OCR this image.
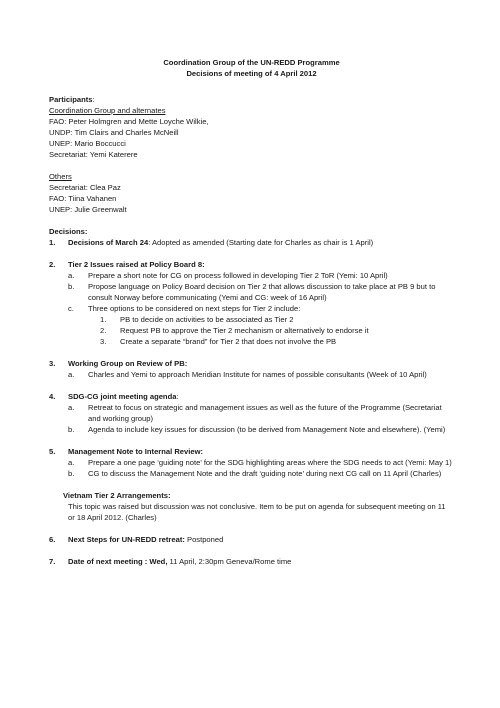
Coordination Group of the UN-REDD Programme
Decisions of meeting of 4 April 2012
Participants:
Coordination Group and alternates
FAO: Peter Holmgren and Mette Loyche Wilkie,
UNDP: Tim Clairs and Charles McNeill
UNEP: Mario Boccucci
Secretariat: Yemi Katerere
Others
Secretariat: Clea Paz
FAO: Tiina Vahanen
UNEP: Julie Greenwalt
Decisions:
1.	Decisions of March 24: Adopted as amended (Starting date for Charles as chair is 1 April)
2.	Tier 2 Issues raised at Policy Board 8:
a.	Prepare a short note for CG on process followed in developing Tier 2 ToR (Yemi: 10 April)
b.	Propose language on Policy Board decision on Tier 2 that allows discussion to take place at PB 9 but to consult Norway before communicating (Yemi and CG: week of 16 April)
c.	Three options to be considered on next steps for Tier 2 include:
1.	PB to decide on activities to be associated as Tier 2
2.	Request PB to approve the Tier 2 mechanism or alternatively to endorse it
3.	Create a separate “brand” for Tier 2 that does not involve the PB
3.	Working Group on Review of PB:
a.	Charles and Yemi to approach Meridian Institute for names of possible consultants (Week of 10 April)
4.	SDG-CG joint meeting agenda:
a.	Retreat to focus on strategic and management issues as well as the future of the Programme (Secretariat and working group)
b.	Agenda to include key issues for discussion (to be derived from Management Note and elsewhere). (Yemi)
5.	Management Note to Internal Review:
a.	Prepare a one page ‘guiding note’ for the SDG highlighting areas where the SDG needs to act (Yemi: May 1)
b.	CG to discuss the Management Note and the draft ‘guiding note’ during next CG call on 11 April (Charles)
Vietnam Tier 2 Arrangements:
This topic was raised but discussion was not conclusive. Item to be put on agenda for subsequent meeting on 11 or 18 April 2012. (Charles)
6.	Next Steps for UN-REDD retreat: Postponed
7.	Date of next meeting : Wed, 11 April, 2:30pm Geneva/Rome time
